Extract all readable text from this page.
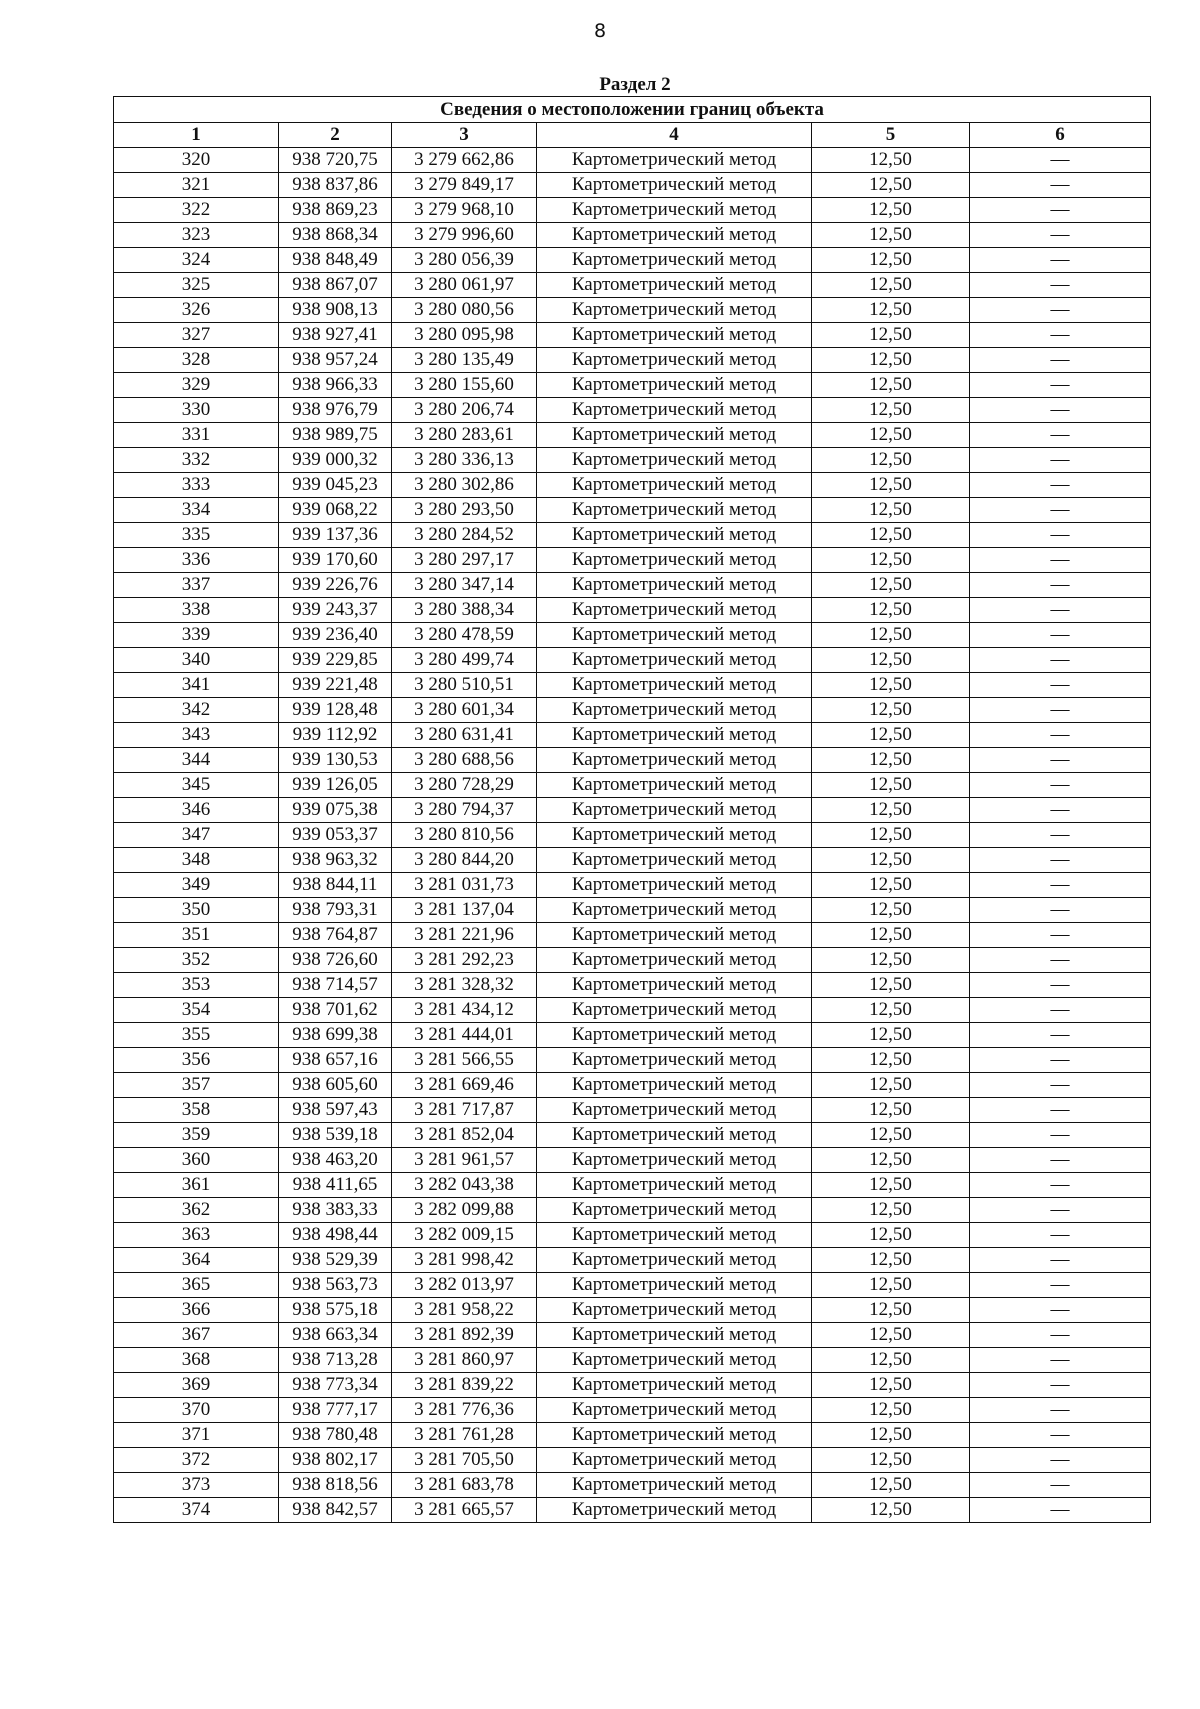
8
Раздел 2
Сведения о местоположении границ объекта					
1	2	3	4	5	6
320	938 720,75	3 279 662,86	Картометрический метод	12,50	—
321	938 837,86	3 279 849,17	Картометрический метод	12,50	—
322	938 869,23	3 279 968,10	Картометрический метод	12,50	—
323	938 868,34	3 279 996,60	Картометрический метод	12,50	—
324	938 848,49	3 280 056,39	Картометрический метод	12,50	—
325	938 867,07	3 280 061,97	Картометрический метод	12,50	—
326	938 908,13	3 280 080,56	Картометрический метод	12,50	—
327	938 927,41	3 280 095,98	Картометрический метод	12,50	—
328	938 957,24	3 280 135,49	Картометрический метод	12,50	—
329	938 966,33	3 280 155,60	Картометрический метод	12,50	—
330	938 976,79	3 280 206,74	Картометрический метод	12,50	—
331	938 989,75	3 280 283,61	Картометрический метод	12,50	—
332	939 000,32	3 280 336,13	Картометрический метод	12,50	—
333	939 045,23	3 280 302,86	Картометрический метод	12,50	—
334	939 068,22	3 280 293,50	Картометрический метод	12,50	—
335	939 137,36	3 280 284,52	Картометрический метод	12,50	—
336	939 170,60	3 280 297,17	Картометрический метод	12,50	—
337	939 226,76	3 280 347,14	Картометрический метод	12,50	—
338	939 243,37	3 280 388,34	Картометрический метод	12,50	—
339	939 236,40	3 280 478,59	Картометрический метод	12,50	—
340	939 229,85	3 280 499,74	Картометрический метод	12,50	—
341	939 221,48	3 280 510,51	Картометрический метод	12,50	—
342	939 128,48	3 280 601,34	Картометрический метод	12,50	—
343	939 112,92	3 280 631,41	Картометрический метод	12,50	—
344	939 130,53	3 280 688,56	Картометрический метод	12,50	—
345	939 126,05	3 280 728,29	Картометрический метод	12,50	—
346	939 075,38	3 280 794,37	Картометрический метод	12,50	—
347	939 053,37	3 280 810,56	Картометрический метод	12,50	—
348	938 963,32	3 280 844,20	Картометрический метод	12,50	—
349	938 844,11	3 281 031,73	Картометрический метод	12,50	—
350	938 793,31	3 281 137,04	Картометрический метод	12,50	—
351	938 764,87	3 281 221,96	Картометрический метод	12,50	—
352	938 726,60	3 281 292,23	Картометрический метод	12,50	—
353	938 714,57	3 281 328,32	Картометрический метод	12,50	—
354	938 701,62	3 281 434,12	Картометрический метод	12,50	—
355	938 699,38	3 281 444,01	Картометрический метод	12,50	—
356	938 657,16	3 281 566,55	Картометрический метод	12,50	—
357	938 605,60	3 281 669,46	Картометрический метод	12,50	—
358	938 597,43	3 281 717,87	Картометрический метод	12,50	—
359	938 539,18	3 281 852,04	Картометрический метод	12,50	—
360	938 463,20	3 281 961,57	Картометрический метод	12,50	—
361	938 411,65	3 282 043,38	Картометрический метод	12,50	—
362	938 383,33	3 282 099,88	Картометрический метод	12,50	—
363	938 498,44	3 282 009,15	Картометрический метод	12,50	—
364	938 529,39	3 281 998,42	Картометрический метод	12,50	—
365	938 563,73	3 282 013,97	Картометрический метод	12,50	—
366	938 575,18	3 281 958,22	Картометрический метод	12,50	—
367	938 663,34	3 281 892,39	Картометрический метод	12,50	—
368	938 713,28	3 281 860,97	Картометрический метод	12,50	—
369	938 773,34	3 281 839,22	Картометрический метод	12,50	—
370	938 777,17	3 281 776,36	Картометрический метод	12,50	—
371	938 780,48	3 281 761,28	Картометрический метод	12,50	—
372	938 802,17	3 281 705,50	Картометрический метод	12,50	—
373	938 818,56	3 281 683,78	Картометрический метод	12,50	—
374	938 842,57	3 281 665,57	Картометрический метод	12,50	—
